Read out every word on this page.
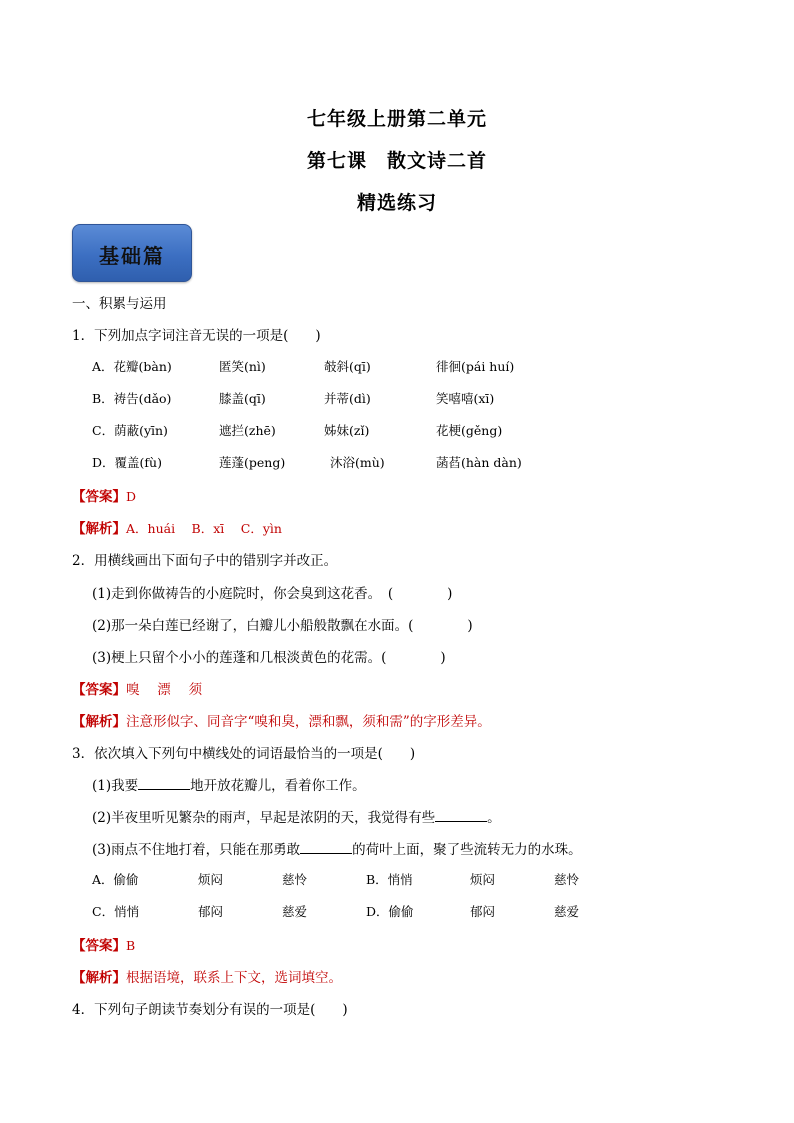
七年级上册第二单元
第七课　散文诗二首
精选练习
基础篇
一、积累与运用
1．下列加点字词注音无误的一项是(　　)
A．花瓣(bàn)	匿笑(nì)	攲斜(qī)	徘徊(pái huí)
B．祷告(dǎo)	膝盖(qī)	并蒂(dì)	笑嘻嘻(xī)
C．荫蔽(yīn)	遮拦(zhē)	姊妹(zǐ)	花梗(gěng)
D．覆盖(fù)	莲蓬(peng)	沐浴(mù)	菡萏(hàn dàn)
【答案】D
【解析】A．huái　 B．xī　 C．yìn
2．用横线画出下面句子中的错别字并改正。
(1)走到你做祷告的小庭院时，你会臭到这花香。　(　　　　)
(2)那一朵白莲已经谢了，白瓣儿小船般散飘在水面。(　　　　)
(3)梗上只留个小小的莲蓬和几根淡黄色的花需。(　　　　)
【答案】嗅　 漂　 须
【解析】注意形似字、同音字“嗅和臭，漂和飘，须和需”的字形差异。
3．依次填入下列句中横线处的词语最恰当的一项是(　　)
(1)我要	地开放花瓣儿，看着你工作。
(2)半夜里听见繁杂的雨声，早起是浓阴的天，我觉得有些	。
(3)雨点不住地打着，只能在那勇敢	的荷叶上面，聚了些流转无力的水珠。
A．偷偷	烦闷	慈怜	B．悄悄	烦闷	慈怜
C．悄悄	郁闷	慈爱	D．偷偷	郁闷	慈爱
【答案】B
【解析】根据语境，联系上下文，选词填空。
4．下列句子朗读节奏划分有误的一项是(　　)
